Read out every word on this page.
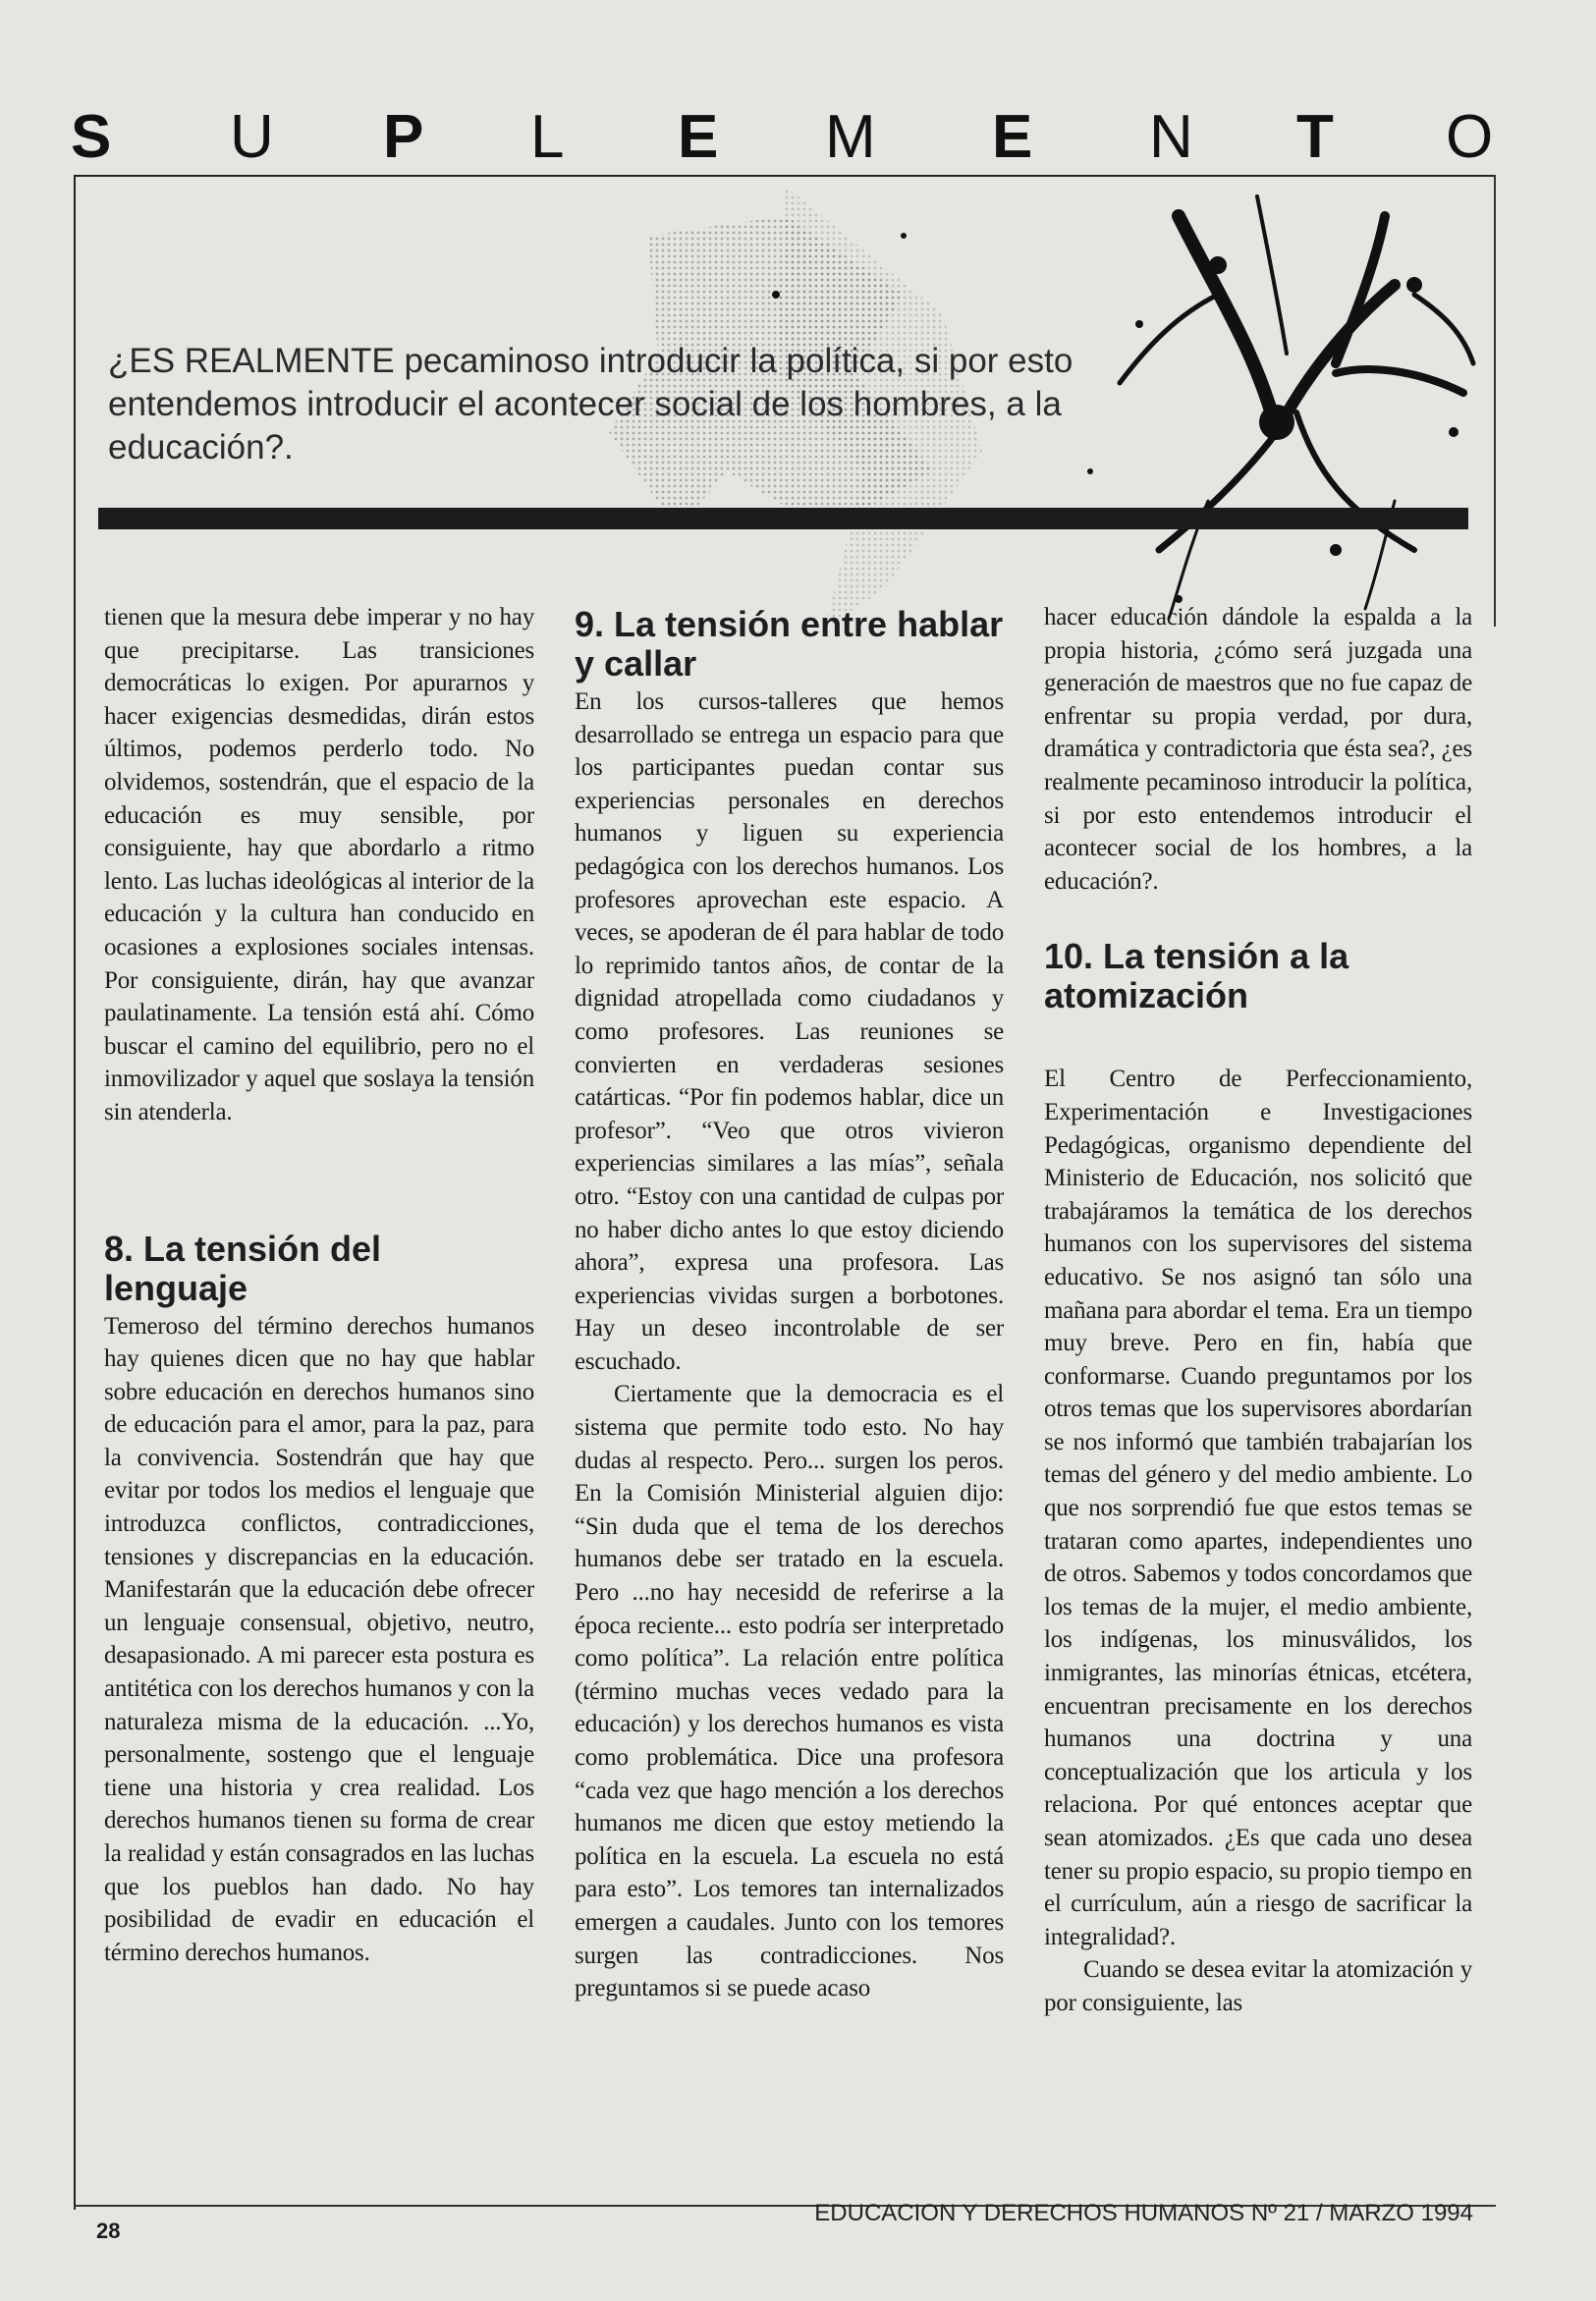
S U P L E M E N T O
¿ES REALMENTE pecaminoso introducir la política, si por esto entendemos introducir el acontecer social de los hombres, a la educación?.

tienen que la mesura debe imperar y no hay que precipitarse. Las transiciones democráticas lo exigen. Por apurarnos y hacer exigencias desmedidas, dirán estos últimos, podemos perderlo todo. No olvidemos, sostendrán, que el espacio de la educación es muy sensible, por consiguiente, hay que abordarlo a ritmo lento. Las luchas ideológicas al interior de la educación y la cultura han conducido en ocasiones a explosiones sociales intensas. Por consiguiente, dirán, hay que avanzar paulatinamente. La tensión está ahí. Cómo buscar el camino del equilibrio, pero no el inmovilizador y aquel que soslaya la tensión sin atenderla.

8. La tensión del lenguaje

Temeroso del término derechos humanos hay quienes dicen que no hay que hablar sobre educación en derechos humanos sino de educación para el amor, para la paz, para la convivencia. Sostendrán que hay que evitar por todos los medios el lenguaje que introduzca conflictos, contradicciones, tensiones y discrepancias en la educación. Manifestarán que la educación debe ofrecer un lenguaje consensual, objetivo, neutro, desapasionado. A mi parecer esta postura es antitética con los derechos humanos y con la naturaleza misma de la educación. ...Yo, personalmente, sostengo que el lenguaje tiene una historia y crea realidad. Los derechos humanos tienen su forma de crear la realidad y están consagrados en las luchas que los pueblos han dado. No hay posibilidad de evadir en educación el término derechos humanos.

9. La tensión entre hablar y callar

En los cursos-talleres que hemos desarrollado se entrega un espacio para que los participantes puedan contar sus experiencias personales en derechos humanos y liguen su experiencia pedagógica con los derechos humanos. Los profesores aprovechan este espacio. A veces, se apoderan de él para hablar de todo lo reprimido tantos años, de contar de la dignidad atropellada como ciudadanos y como profesores. Las reuniones se convierten en verdaderas sesiones catárticas. “Por fin podemos hablar, dice un profesor”. “Veo que otros vivieron experiencias similares a las mías”, señala otro. “Estoy con una cantidad de culpas por no haber dicho antes lo que estoy diciendo ahora”, expresa una profesora. Las experiencias vividas surgen a borbotones. Hay un deseo incontrolable de ser escuchado.

Ciertamente que la democracia es el sistema que permite todo esto. No hay dudas al respecto. Pero... surgen los peros. En la Comisión Ministerial alguien dijo: “Sin duda que el tema de los derechos humanos debe ser tratado en la escuela. Pero ...no hay necesidd de referirse a la época reciente... esto podría ser interpretado como política”. La relación entre política (término muchas veces vedado para la educación) y los derechos humanos es vista como problemática. Dice una profesora “cada vez que hago mención a los derechos humanos me dicen que estoy metiendo la política en la escuela. La escuela no está para esto”. Los temores tan internalizados emergen a caudales. Junto con los temores surgen las contradicciones. Nos preguntamos si se puede acaso

hacer educación dándole la espalda a la propia historia, ¿cómo será juzgada una generación de maestros que no fue capaz de enfrentar su propia verdad, por dura, dramática y contradictoria que ésta sea?, ¿es realmente pecaminoso introducir la política, si por esto entendemos introducir el acontecer social de los hombres, a la educación?.

10. La tensión a la atomización

El Centro de Perfeccionamiento, Experimentación e Investigaciones Pedagógicas, organismo dependiente del Ministerio de Educación, nos solicitó que trabajáramos la temática de los derechos humanos con los supervisores del sistema educativo. Se nos asignó tan sólo una mañana para abordar el tema. Era un tiempo muy breve. Pero en fin, había que conformarse. Cuando preguntamos por los otros temas que los supervisores abordarían se nos informó que también trabajarían los temas del género y del medio ambiente. Lo que nos sorprendió fue que estos temas se trataran como apartes, independientes uno de otros. Sabemos y todos concordamos que los temas de la mujer, el medio ambiente, los indígenas, los minusválidos, los inmigrantes, las minorías étnicas, etcétera, encuentran precisamente en los derechos humanos una doctrina y una conceptualización que los articula y los relaciona. Por qué entonces aceptar que sean atomizados. ¿Es que cada uno desea tener su propio espacio, su propio tiempo en el currículum, aún a riesgo de sacrificar la integralidad?.

Cuando se desea evitar la atomización y por consiguiente, las

28
EDUCACION Y DERECHOS HUMANOS Nº 21 / MARZO 1994
